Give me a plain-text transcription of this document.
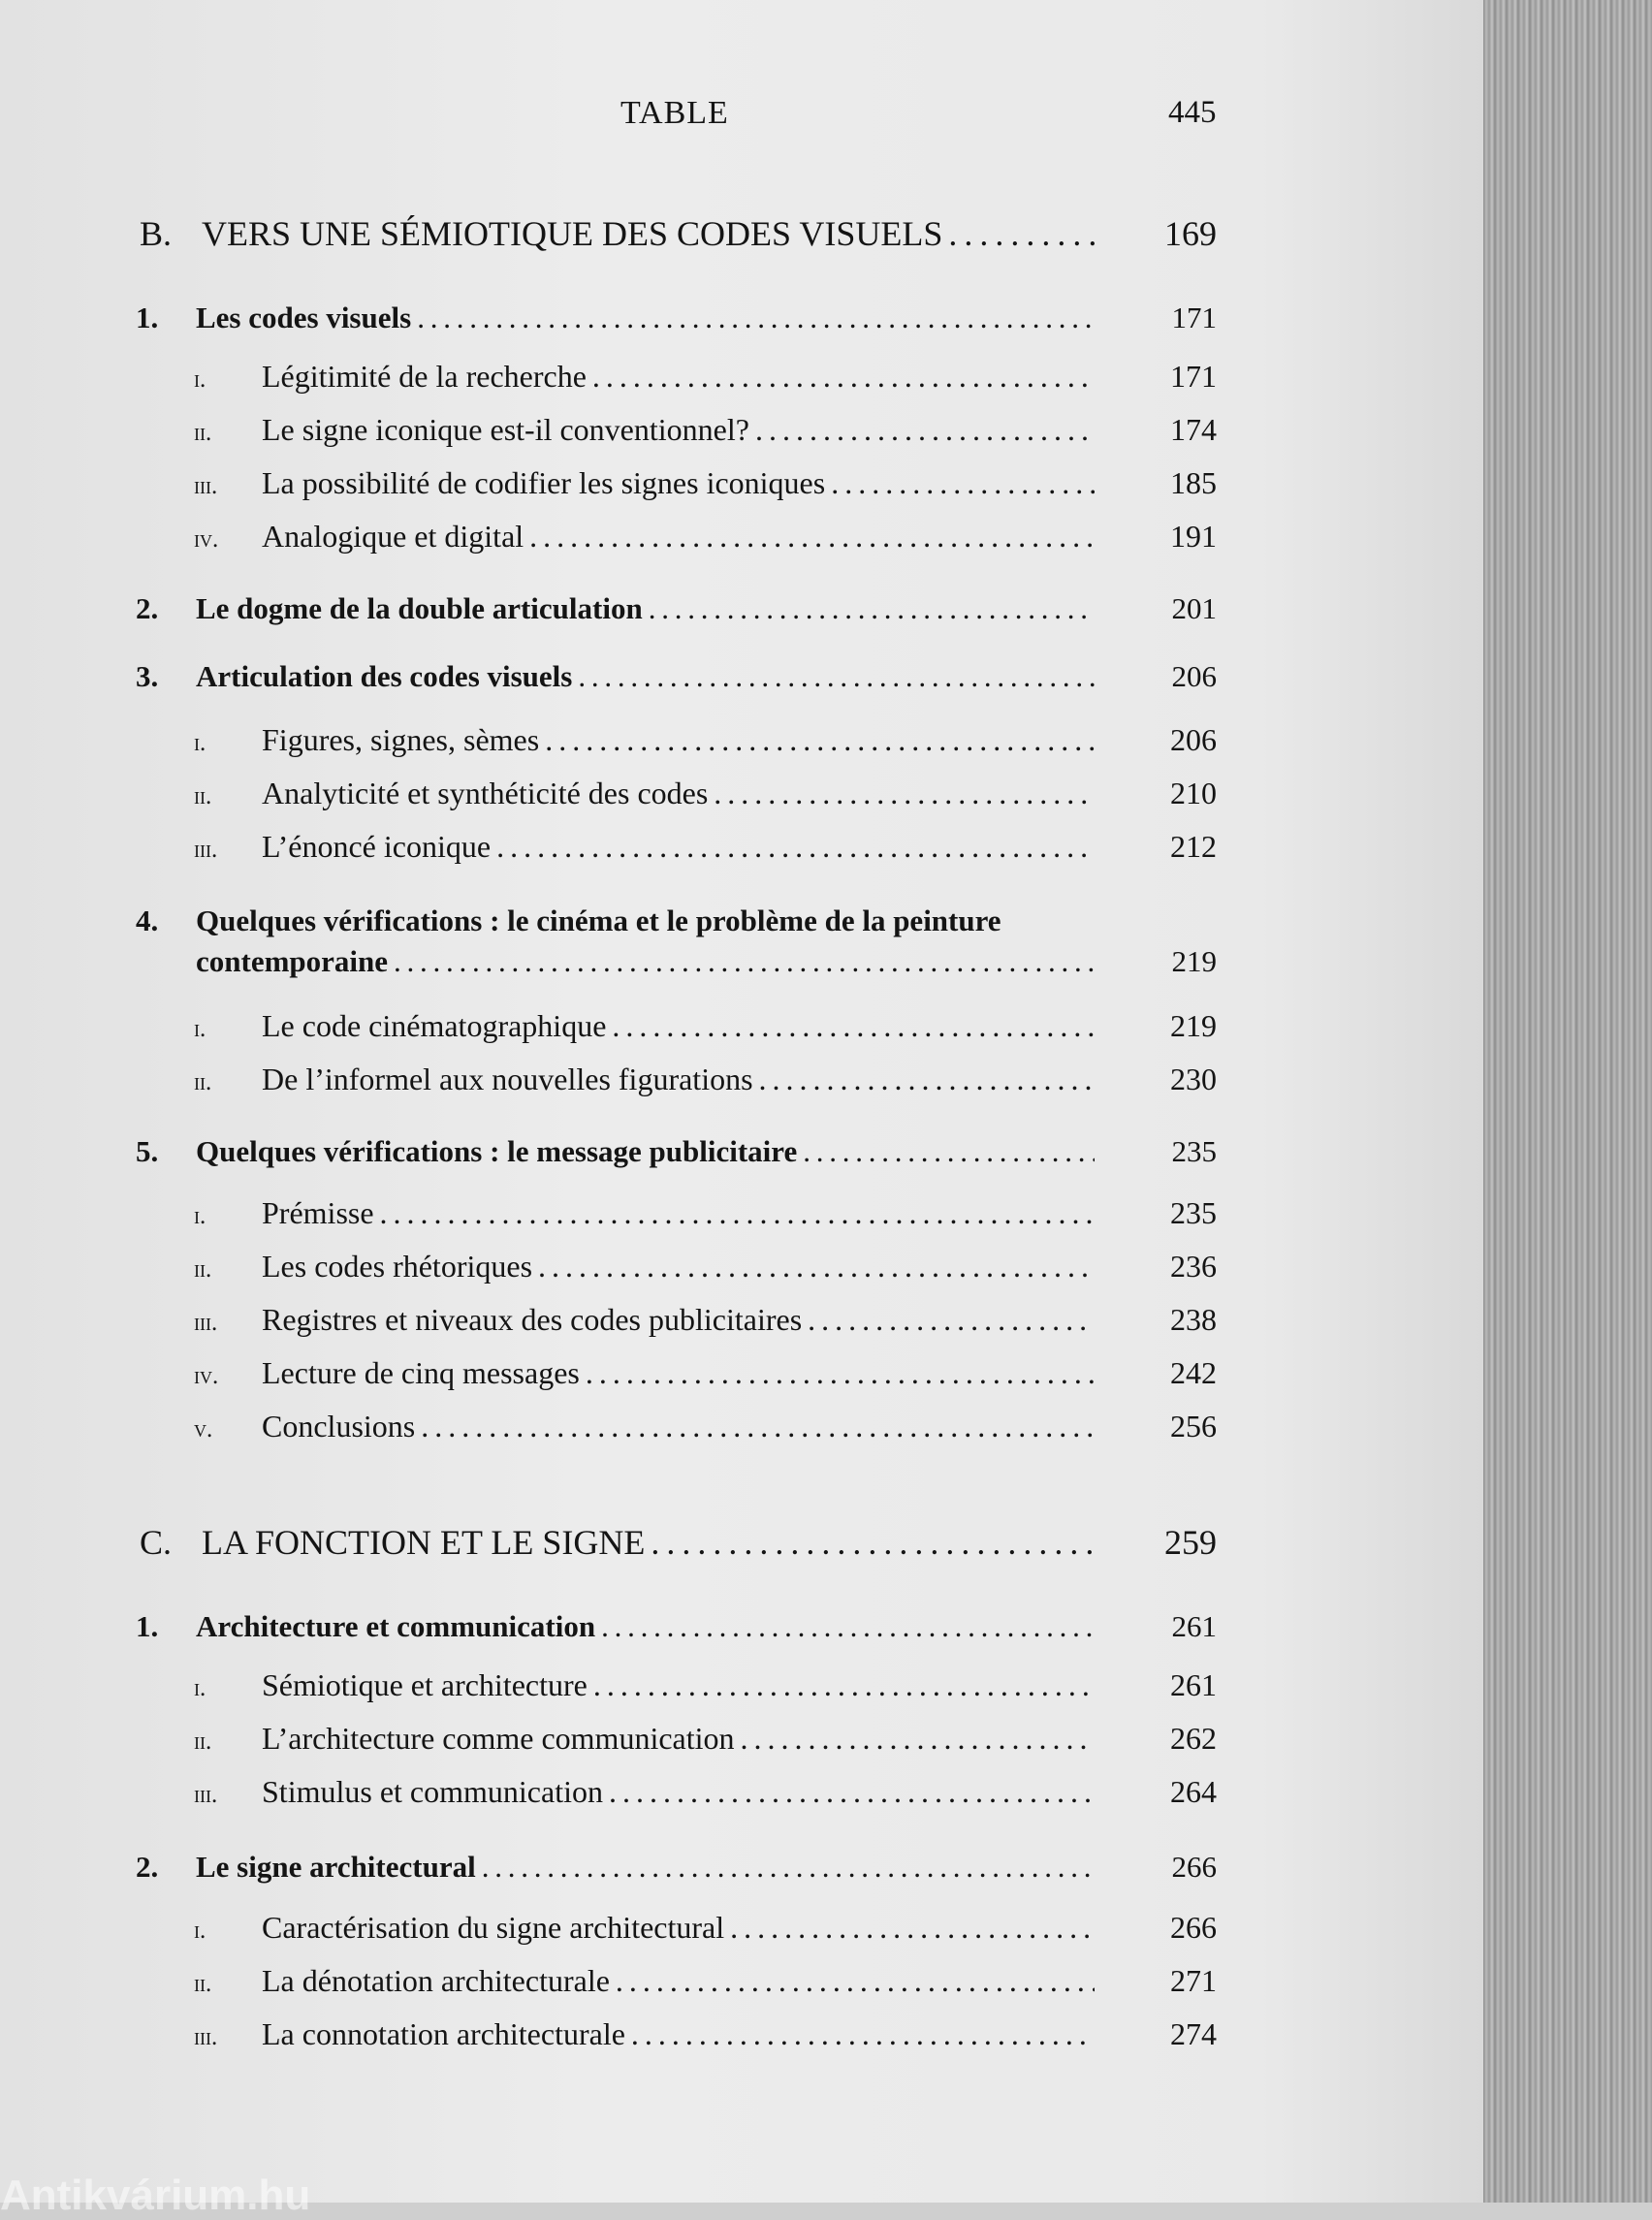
TABLE	445
B. VERS UNE SÉMIOTIQUE DES CODES VISUELS . . .	169
1.	Les codes visuels . . .	171
i.	Légitimité de la recherche . . .	171
ii.	Le signe iconique est-il conventionnel? . . .	174
iii.	La possibilité de codifier les signes iconiques . . .	185
iv.	Analogique et digital . . .	191
2.	Le dogme de la double articulation . . .	201
3.	Articulation des codes visuels . . .	206
i.	Figures, signes, sèmes . . .	206
ii.	Analyticité et synthéticité des codes . . .	210
iii.	L’énoncé iconique . . .	212
4.	Quelques vérifications : le cinéma et le problème de la peinture
contemporaine . . .	219
i.	Le code cinématographique . . .	219
ii.	De l’informel aux nouvelles figurations . . .	230
5.	Quelques vérifications : le message publicitaire . . .	235
i.	Prémisse . . .	235
ii.	Les codes rhétoriques . . .	236
iii.	Registres et niveaux des codes publicitaires . . .	238
iv.	Lecture de cinq messages . . .	242
v.	Conclusions . . .	256
C. LA FONCTION ET LE SIGNE . . .	259
1.	Architecture et communication . . .	261
i.	Sémiotique et architecture . . .	261
ii.	L’architecture comme communication . . .	262
iii.	Stimulus et communication . . .	264
2.	Le signe architectural . . .	266
i.	Caractérisation du signe architectural . . .	266
ii.	La dénotation architecturale . . .	271
iii.	La connotation architecturale . . .	274
Antikvárium.hu
